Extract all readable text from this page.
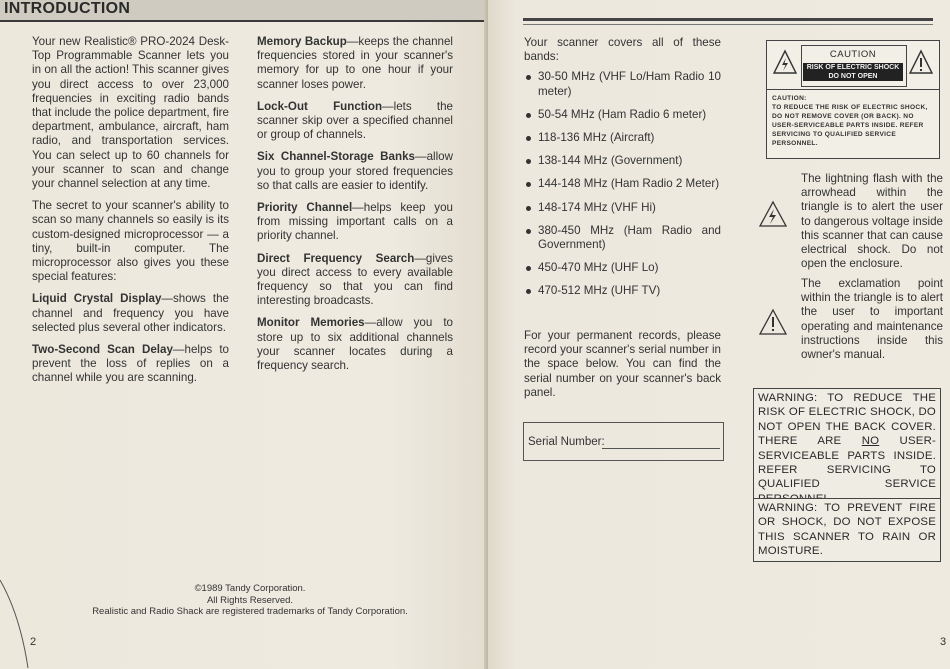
INTRODUCTION

Your new Realistic® PRO-2024 Desk-Top Programmable Scanner lets you in on all the action! This scanner gives you direct access to over 23,000 frequencies in exciting radio bands that include the police department, fire department, ambulance, aircraft, ham radio, and transportation services. You can select up to 60 channels for your scanner to scan and change your channel selection at any time.

The secret to your scanner's ability to scan so many channels so easily is its custom-designed microprocessor — a tiny, built-in computer. The microprocessor also gives you these special features:

Liquid Crystal Display—shows the channel and frequency you have selected plus several other indicators.

Two-Second Scan Delay—helps to prevent the loss of replies on a channel while you are scanning.

Memory Backup—keeps the channel frequencies stored in your scanner's memory for up to one hour if your scanner loses power.

Lock-Out Function—lets the scanner skip over a specified channel or group of channels.

Six Channel-Storage Banks—allow you to group your stored frequencies so that calls are easier to identify.

Priority Channel—helps keep you from missing important calls on a priority channel.

Direct Frequency Search—gives you direct access to every available frequency so that you can find interesting broadcasts.

Monitor Memories—allow you to store up to six additional channels your scanner locates during a frequency search.

©1989 Tandy Corporation.
All Rights Reserved.
Realistic and Radio Shack are registered trademarks of Tandy Corporation.
2

Your scanner covers all of these bands:

30-50 MHz (VHF Lo/Ham Radio 10 meter)
50-54 MHz (Ham Radio 6 meter)
118-136 MHz (Aircraft)
138-144 MHz (Government)
144-148 MHz (Ham Radio 2 Meter)
148-174 MHz (VHF Hi)
380-450 MHz (Ham Radio and Government)
450-470 MHz (UHF Lo)
470-512 MHz (UHF TV)

For your permanent records, please record your scanner's serial number in the space below. You can find the serial number on your scanner's back panel.

Serial Number:
CAUTION
RISK OF ELECTRIC SHOCK
DO NOT OPEN
CAUTION:
TO REDUCE THE RISK OF ELECTRIC SHOCK, DO NOT REMOVE COVER (OR BACK). NO USER-SERVICEABLE PARTS INSIDE. REFER SERVICING TO QUALIFIED SERVICE PERSONNEL.
The lightning flash with the arrowhead within the triangle is to alert the user to dangerous voltage inside this scanner that can cause electrical shock. Do not open the enclosure.
The exclamation point within the triangle is to alert the user to important operating and maintenance instructions inside this owner's manual.
WARNING: TO REDUCE THE RISK OF ELECTRIC SHOCK, DO NOT OPEN THE BACK COVER. THERE ARE NO USER-SERVICEABLE PARTS INSIDE. REFER SERVICING TO QUALIFIED SERVICE
WARNING: TO PREVENT FIRE OR SHOCK, DO NOT EXPOSE THIS SCANNER TO RAIN OR MOISTURE.
3
